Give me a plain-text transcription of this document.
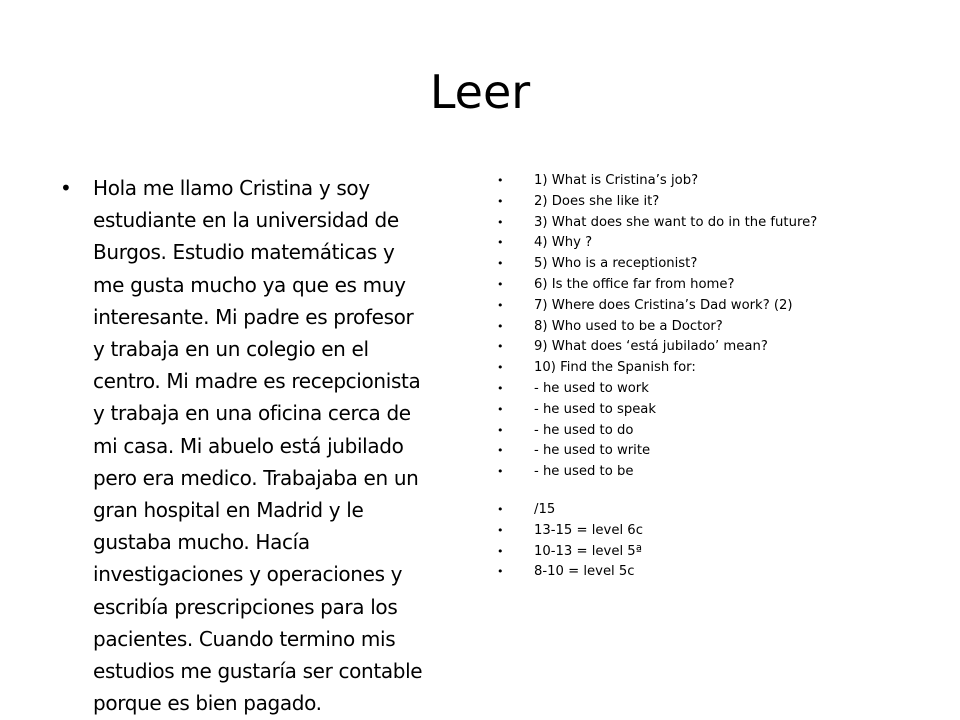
Leer
• Hola me llamo Cristina y soy
estudiante en la universidad de
Burgos. Estudio matemáticas y
me gusta mucho ya que es muy
interesante. Mi padre es profesor
y trabaja en un colegio en el
centro. Mi madre es recepcionista
y trabaja en una oficina cerca de
mi casa. Mi abuelo está jubilado
pero era medico. Trabajaba en un
gran hospital en Madrid y le
gustaba mucho. Hacía
investigaciones y operaciones y
escribía prescripciones para los
pacientes. Cuando termino mis
estudios me gustaría ser contable
porque es bien pagado.
• 1) What is Cristina’s job?
• 2) Does she like it?
• 3) What does she want to do in the future?
• 4) Why ?
• 5) Who is a receptionist?
• 6) Is the office far from home?
• 7) Where does Cristina’s Dad work? (2)
• 8) Who used to be a Doctor?
• 9) What does ‘está jubilado’ mean?
• 10) Find the Spanish for:
• - he used to work
• - he used to speak
• - he used to do
• - he used to write
• - he used to be
• /15
• 13-15 = level 6c
• 10-13 = level 5ª
• 8-10 = level 5c
